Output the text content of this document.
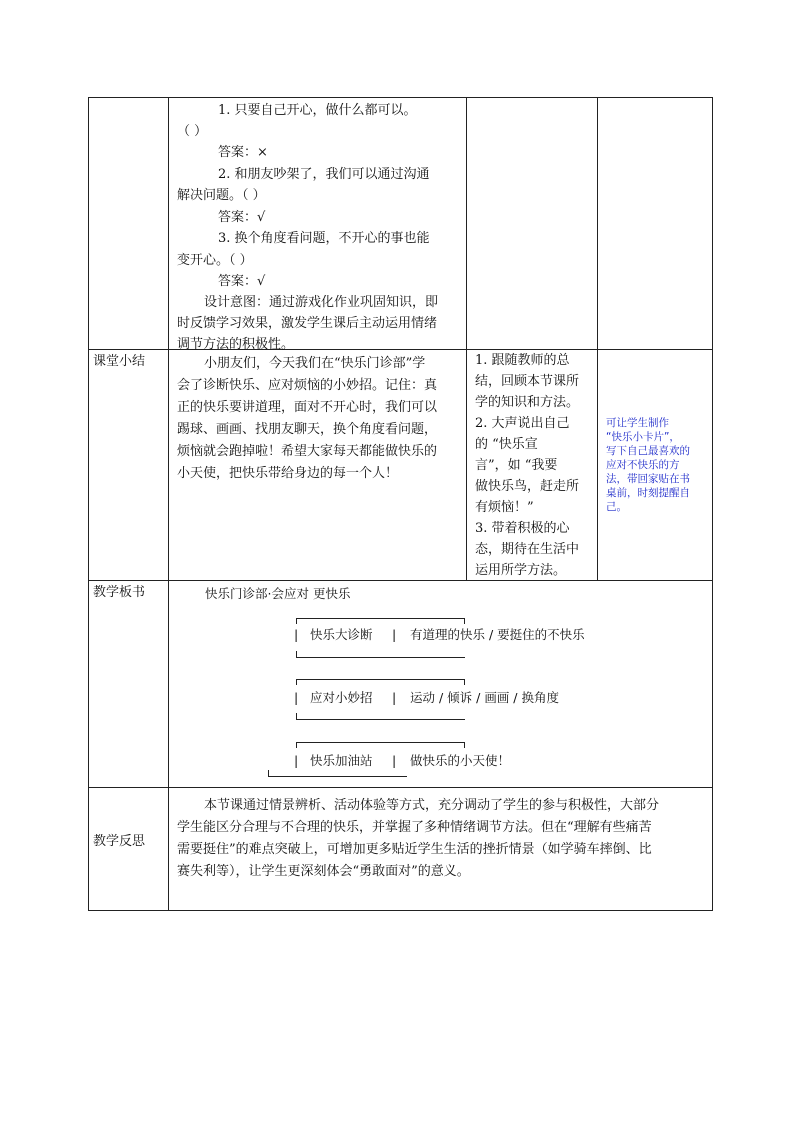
1. 只要自己开心，做什么都可以。
（ ）
答案：×
2. 和朋友吵架了，我们可以通过沟通
解决问题。（ ）
答案：√
3. 换个角度看问题，不开心的事也能
变开心。（ ）
答案：√
设计意图：通过游戏化作业巩固知识，即
时反馈学习效果，激发学生课后主动运用情绪
调节方法的积极性。
课堂小结	小朋友们，今天我们在“快乐门诊部”学
会了诊断快乐、应对烦恼的小妙招。记住：真
正的快乐要讲道理，面对不开心时，我们可以
踢球、画画、找朋友聊天，换个角度看问题，
烦恼就会跑掉啦！希望大家每天都能做快乐的
小天使，把快乐带给身边的每一个人！
1. 跟随教师的总
结，回顾本节课所
学的知识和方法。
2. 大声说出自己
的 “快乐宣
言”，如 “我要
做快乐鸟，赶走所
有烦恼！”
3. 带着积极的心
态，期待在生活中
运用所学方法。
可让学生制作
“快乐小卡片”，
写下自己最喜欢的
应对不快乐的方
法，带回家贴在书
桌前，时刻提醒自
己。
教学板书	快乐门诊部·会应对 更快乐
| 快乐大诊断 | 有道理的快乐 / 要挺住的不快乐
| 应对小妙招 | 运动 / 倾诉 / 画画 / 换角度
| 快乐加油站 | 做快乐的小天使！
教学反思
本节课通过情景辨析、活动体验等方式，充分调动了学生的参与积极性，大部分
学生能区分合理与不合理的快乐，并掌握了多种情绪调节方法。但在“理解有些痛苦
需要挺住”的难点突破上，可增加更多贴近学生生活的挫折情景（如学骑车摔倒、比
赛失利等），让学生更深刻体会“勇敢面对”的意义。
